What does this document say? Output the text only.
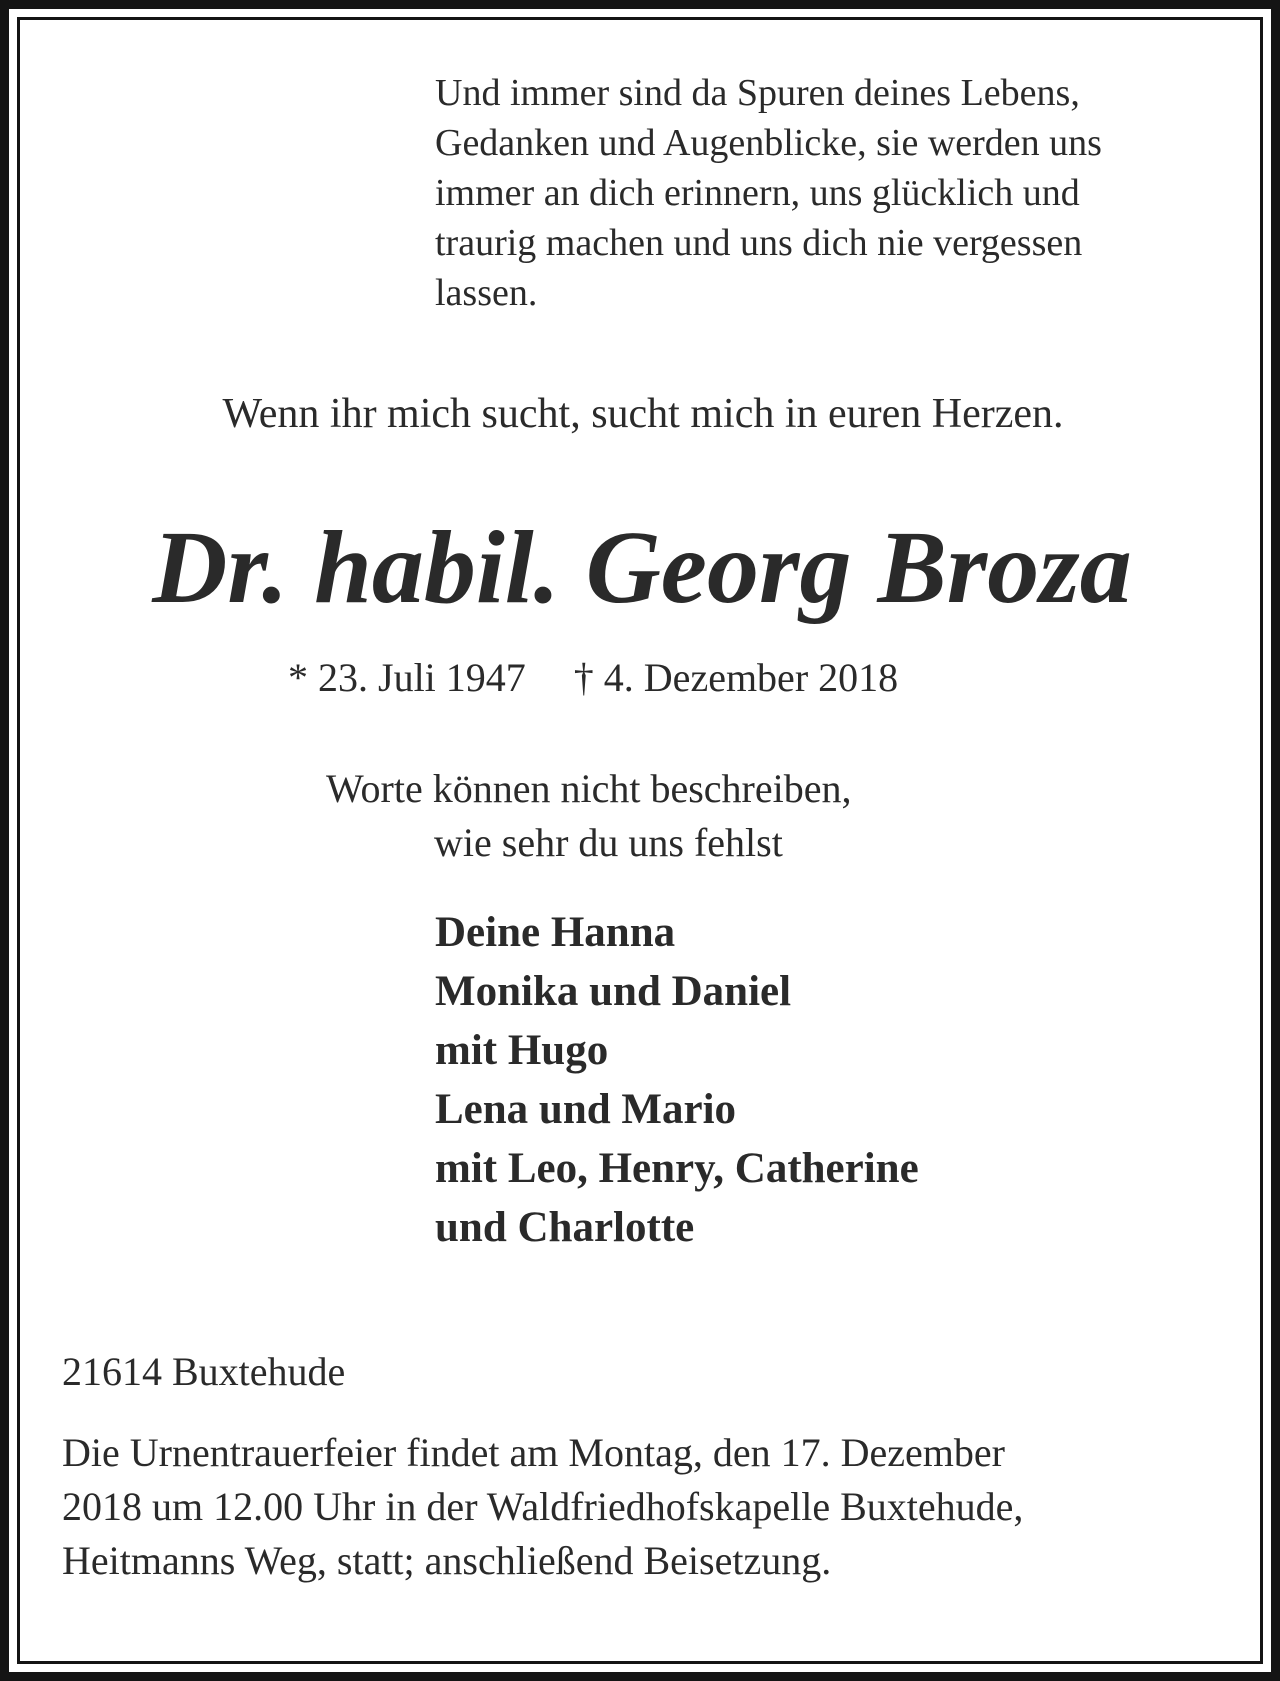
Und immer sind da Spuren deines Lebens,
Gedanken und Augenblicke, sie werden uns
immer an dich erinnern, uns glücklich und
traurig machen und uns dich nie vergessen
lassen.
Wenn ihr mich sucht, sucht mich in euren Herzen.
Dr. habil. Georg Broza
* 23. Juli 1947 † 4. Dezember 2018
Worte können nicht beschreiben,
wie sehr du uns fehlst
Deine Hanna
Monika und Daniel
mit Hugo
Lena und Mario
mit Leo, Henry, Catherine
und Charlotte
21614 Buxtehude
Die Urnentrauerfeier findet am Montag, den 17. Dezember
2018 um 12.00 Uhr in der Waldfriedhofskapelle Buxtehude,
Heitmanns Weg, statt; anschließend Beisetzung.
